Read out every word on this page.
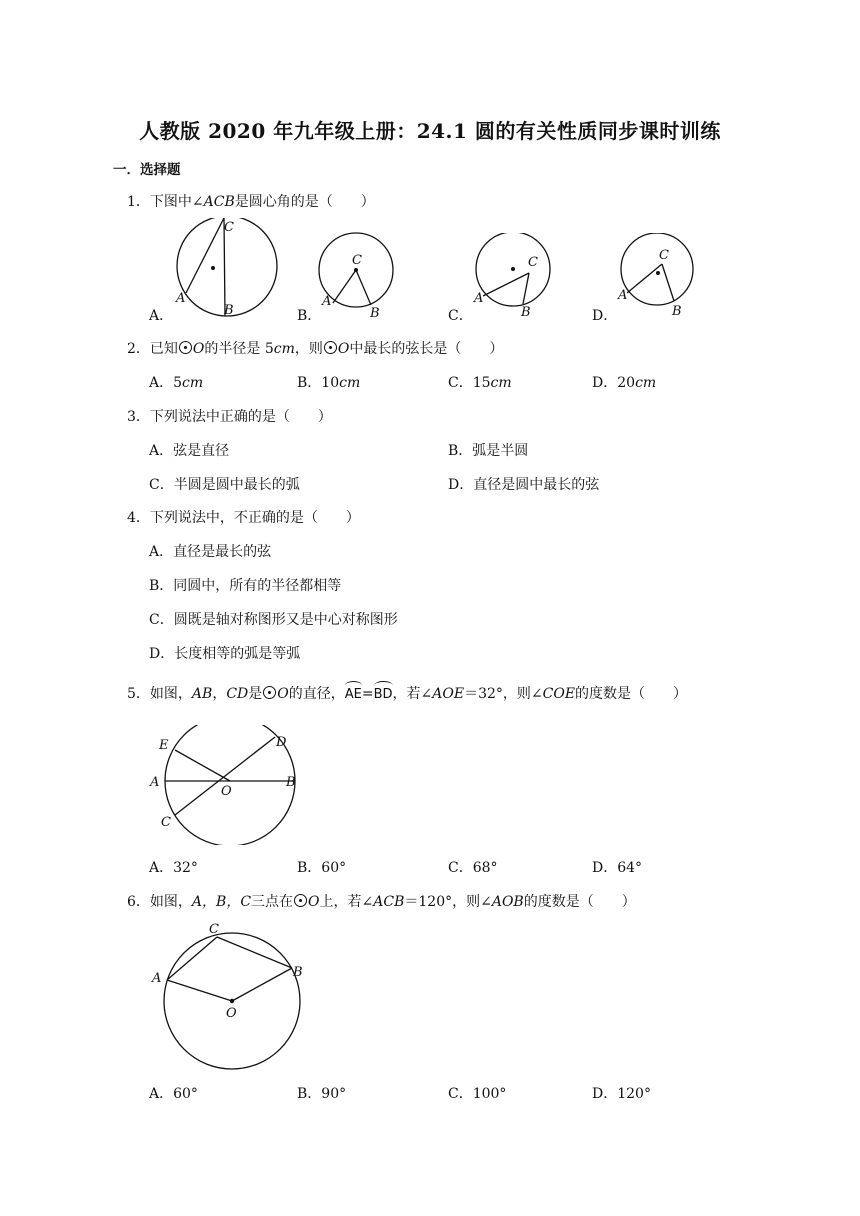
人教版 2020 年九年级上册：24.1 圆的有关性质同步课时训练
一．选择题
1．下图中∠ACB是圆心角的是（　　）
C
A
B
C
A
B
C
A
B
C
A
B
A．	B．	C．	D．
2．已知 O的半径是 5cm，则 O中最长的弦长是（　　）
A．5cm	B．10cm	C．15cm	D．20cm
3．下列说法中正确的是（　　）
A．弦是直径	B．弧是半圆
C．半圆是圆中最长的弧	D．直径是圆中最长的弦
4．下列说法中，不正确的是（　　）
A．直径是最长的弦
B．同圆中，所有的半径都相等
C．圆既是轴对称图形又是中心对称图形
D．长度相等的弧是等弧
5．如图，AB，CD是 O的直径，AE=BD，若∠AOE＝32°，则∠COE的度数是（　　）
E	D
A	B
O
C
A．32°	B．60°	C．68°	D．64°
6．如图，A，B，C三点在 O上，若∠ACB＝120°，则∠AOB的度数是（　　）
C
A	B
O
A．60°	B．90°	C．100°	D．120°
